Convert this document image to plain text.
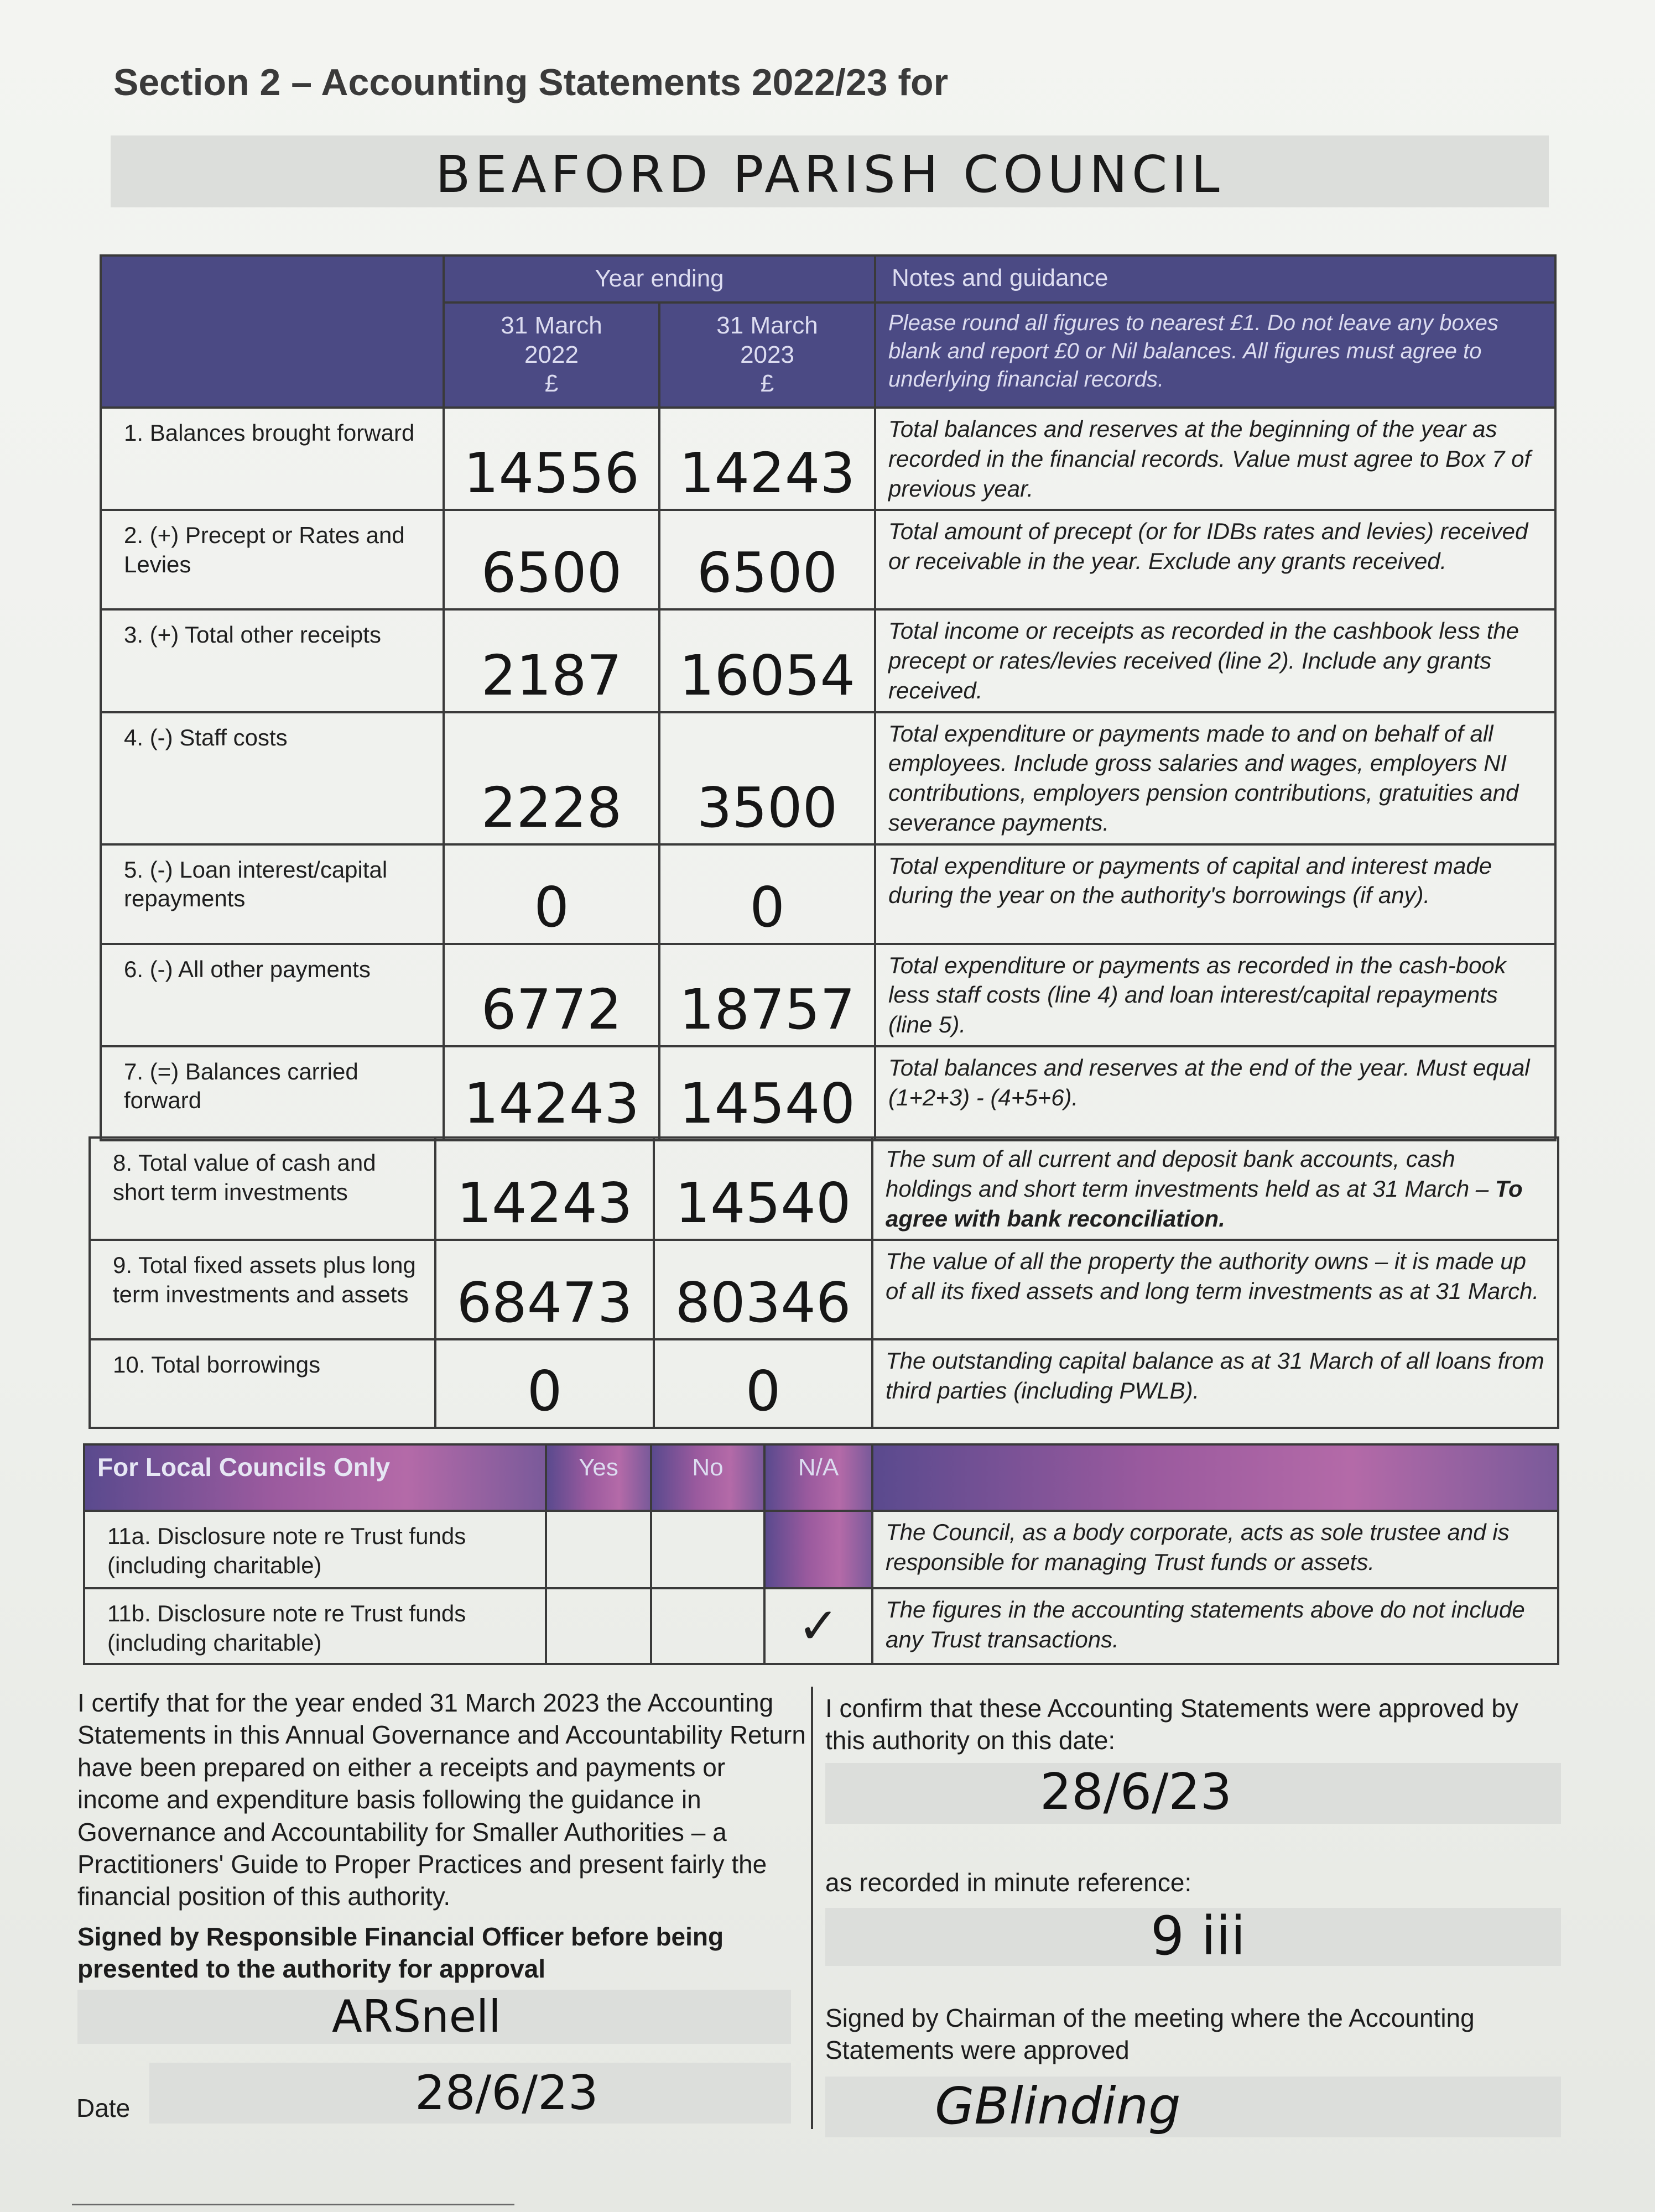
Section 2 – Accounting Statements 2022/23 for
BEAFORD PARISH COUNCIL

	Year ending		Notes and guidance

	31 March
2022
£	31 March
2023
£	Please round all figures to nearest £1. Do not leave any boxes blank and report £0 or Nil balances. All figures must agree to underlying financial records.

1. Balances brought forward	14556	14243	Total balances and reserves at the beginning of the year as recorded in the financial records. Value must agree to Box 7 of previous year.

2. (+) Precept or Rates and Levies	6500	6500	Total amount of precept (or for IDBs rates and levies) received or receivable in the year. Exclude any grants received.

3. (+) Total other receipts	2187	16054	Total income or receipts as recorded in the cashbook less the precept or rates/levies received (line 2). Include any grants received.

4. (-) Staff costs	2228	3500	Total expenditure or payments made to and on behalf of all employees. Include gross salaries and wages, employers NI contributions, employers pension contributions, gratuities and severance payments.

5. (-) Loan interest/capital repayments	0	0	Total expenditure or payments of capital and interest made during the year on the authority's borrowings (if any).

6. (-) All other payments	6772	18757	Total expenditure or payments as recorded in the cash-book less staff costs (line 4) and loan interest/capital repayments (line 5).

7. (=) Balances carried forward	14243	14540	Total balances and reserves at the end of the year. Must equal (1+2+3) - (4+5+6).
8. Total value of cash and short term investments	14243	14540	The sum of all current and deposit bank accounts, cash holdings and short term investments held as at 31 March – To agree with bank reconciliation.

9. Total fixed assets plus long term investments and assets	68473	80346	The value of all the property the authority owns – it is made up of all its fixed assets and long term investments as at 31 March.

10. Total borrowings	0	0	The outstanding capital balance as at 31 March of all loans from third parties (including PWLB).
For Local Councils Only	Yes	No	N/A	

11a. Disclosure note re Trust funds (including charitable)				The Council, as a body corporate, acts as sole trustee and is responsible for managing Trust funds or assets.

11b. Disclosure note re Trust funds (including charitable)			✓	The figures in the accounting statements above do not include any Trust transactions.
I certify that for the year ended 31 March 2023 the Accounting Statements in this Annual Governance and Accountability Return have been prepared on either a receipts and payments or income and expenditure basis following the guidance in Governance and Accountability for Smaller Authorities – a Practitioners' Guide to Proper Practices and present fairly the financial position of this authority.
Signed by Responsible Financial Officer before being presented to the authority for approval
ARSnell
Date	28/6/23
I confirm that these Accounting Statements were approved by this authority on this date:
28/6/23
as recorded in minute reference:
9 iii
Signed by Chairman of the meeting where the Accounting Statements were approved
GBlinding
